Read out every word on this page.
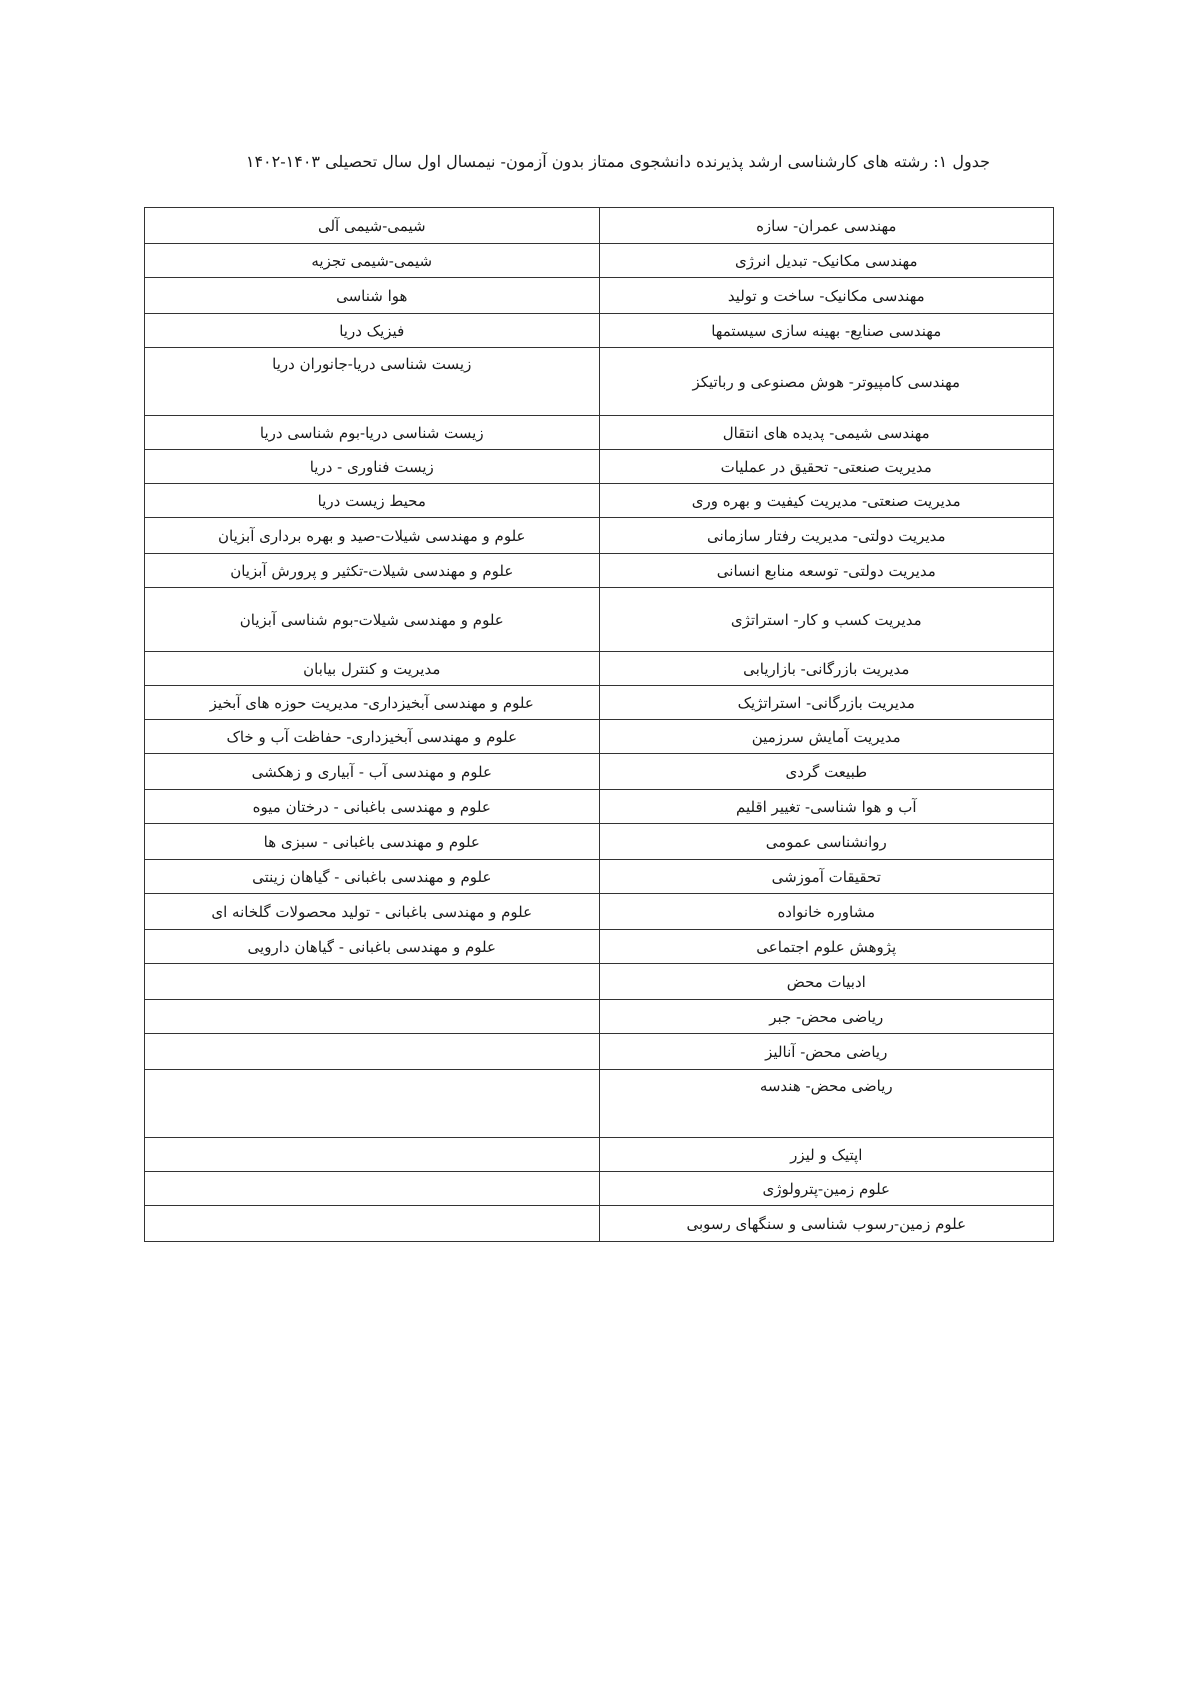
جدول ۱: رشته های کارشناسی ارشد پذیرنده دانشجوی ممتاز بدون آزمون- نیمسال اول سال تحصیلی ۱۴۰۳-۱۴۰۲
شیمی-شیمی آلی	مهندسی عمران- سازه
شیمی-شیمی تجزیه	مهندسی مکانیک- تبدیل انرژی
هوا شناسی	مهندسی مکانیک- ساخت و تولید
فیزیک دریا	مهندسی صنایع- بهینه سازی سیستمها
زیست شناسی دریا-جانوران دریا	مهندسی کامپیوتر- هوش مصنوعی و رباتیکز
زیست شناسی دریا-بوم شناسی دریا	مهندسی شیمی- پدیده های انتقال
زیست فناوری - دریا	مدیریت صنعتی- تحقیق در عملیات
محیط زیست دریا	مدیریت صنعتی- مدیریت کیفیت و بهره وری
علوم و مهندسی شیلات-صید و بهره برداری آبزیان	مدیریت دولتی- مدیریت رفتار سازمانی
علوم و مهندسی شیلات-تکثیر و پرورش آبزیان	مدیریت دولتی- توسعه منابع انسانی
علوم و مهندسی شیلات-بوم شناسی آبزیان	مدیریت کسب و کار- استراتژی
مدیریت و کنترل بیابان	مدیریت بازرگانی- بازاریابی
علوم و مهندسی آبخیزداری- مدیریت حوزه های آبخیز	مدیریت بازرگانی- استراتژیک
علوم و مهندسی آبخیزداری- حفاظت آب و خاک	مدیریت آمایش سرزمین
علوم و مهندسی آب - آبیاری و زهکشی	طبیعت گردی
علوم و مهندسی باغبانی - درختان میوه	آب و هوا شناسی- تغییر اقلیم
علوم و مهندسی باغبانی - سبزی ها	روانشناسی عمومی
علوم و مهندسی باغبانی - گیاهان زینتی	تحقیقات آموزشی
علوم و مهندسی باغبانی - تولید محصولات گلخانه ای	مشاوره خانواده
علوم و مهندسی باغبانی - گیاهان دارویی	پژوهش علوم اجتماعی
	ادبیات محض
	ریاضی محض- جبر
	ریاضی محض- آنالیز
	ریاضی محض- هندسه
	اپتیک و لیزر
	علوم زمین-پترولوژی
	علوم زمین-رسوب شناسی و سنگهای رسوبی
